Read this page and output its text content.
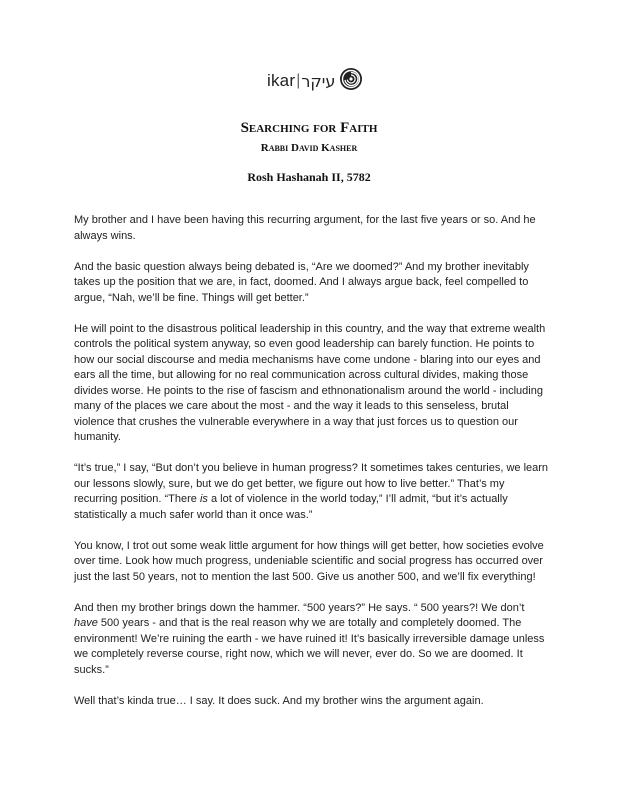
ikar | עיקר
Searching for Faith
Rabbi David Kasher
Rosh Hashanah II, 5782

My brother and I have been having this recurring argument, for the last five years or so. And he always wins.

And the basic question always being debated is, “Are we doomed?” And my brother inevitably takes up the position that we are, in fact, doomed. And I always argue back, feel compelled to argue, “Nah, we’ll be fine. Things will get better.”

He will point to the disastrous political leadership in this country, and the way that extreme wealth controls the political system anyway, so even good leadership can barely function. He points to how our social discourse and media mechanisms have come undone - blaring into our eyes and ears all the time, but allowing for no real communication across cultural divides, making those divides worse. He points to the rise of fascism and ethnonationalism around the world - including many of the places we care about the most - and the way it leads to this senseless, brutal violence that crushes the vulnerable everywhere in a way that just forces us to question our humanity.

“It’s true,” I say, “But don’t you believe in human progress? It sometimes takes centuries, we learn our lessons slowly, sure, but we do get better, we figure out how to live better.” That’s my recurring position. “There is a lot of violence in the world today,” I’ll admit, “but it’s actually statistically a much safer world than it once was.”

You know, I trot out some weak little argument for how things will get better, how societies evolve over time. Look how much progress, undeniable scientific and social progress has occurred over just the last 50 years, not to mention the last 500. Give us another 500, and we’ll fix everything!

And then my brother brings down the hammer. “500 years?” He says. “ 500 years?! We don’t have 500 years - and that is the real reason why we are totally and completely doomed. The environment! We’re ruining the earth - we have ruined it! It’s basically irreversible damage unless we completely reverse course, right now, which we will never, ever do. So we are doomed. It sucks.”

Well that’s kinda true… I say. It does suck. And my brother wins the argument again.
